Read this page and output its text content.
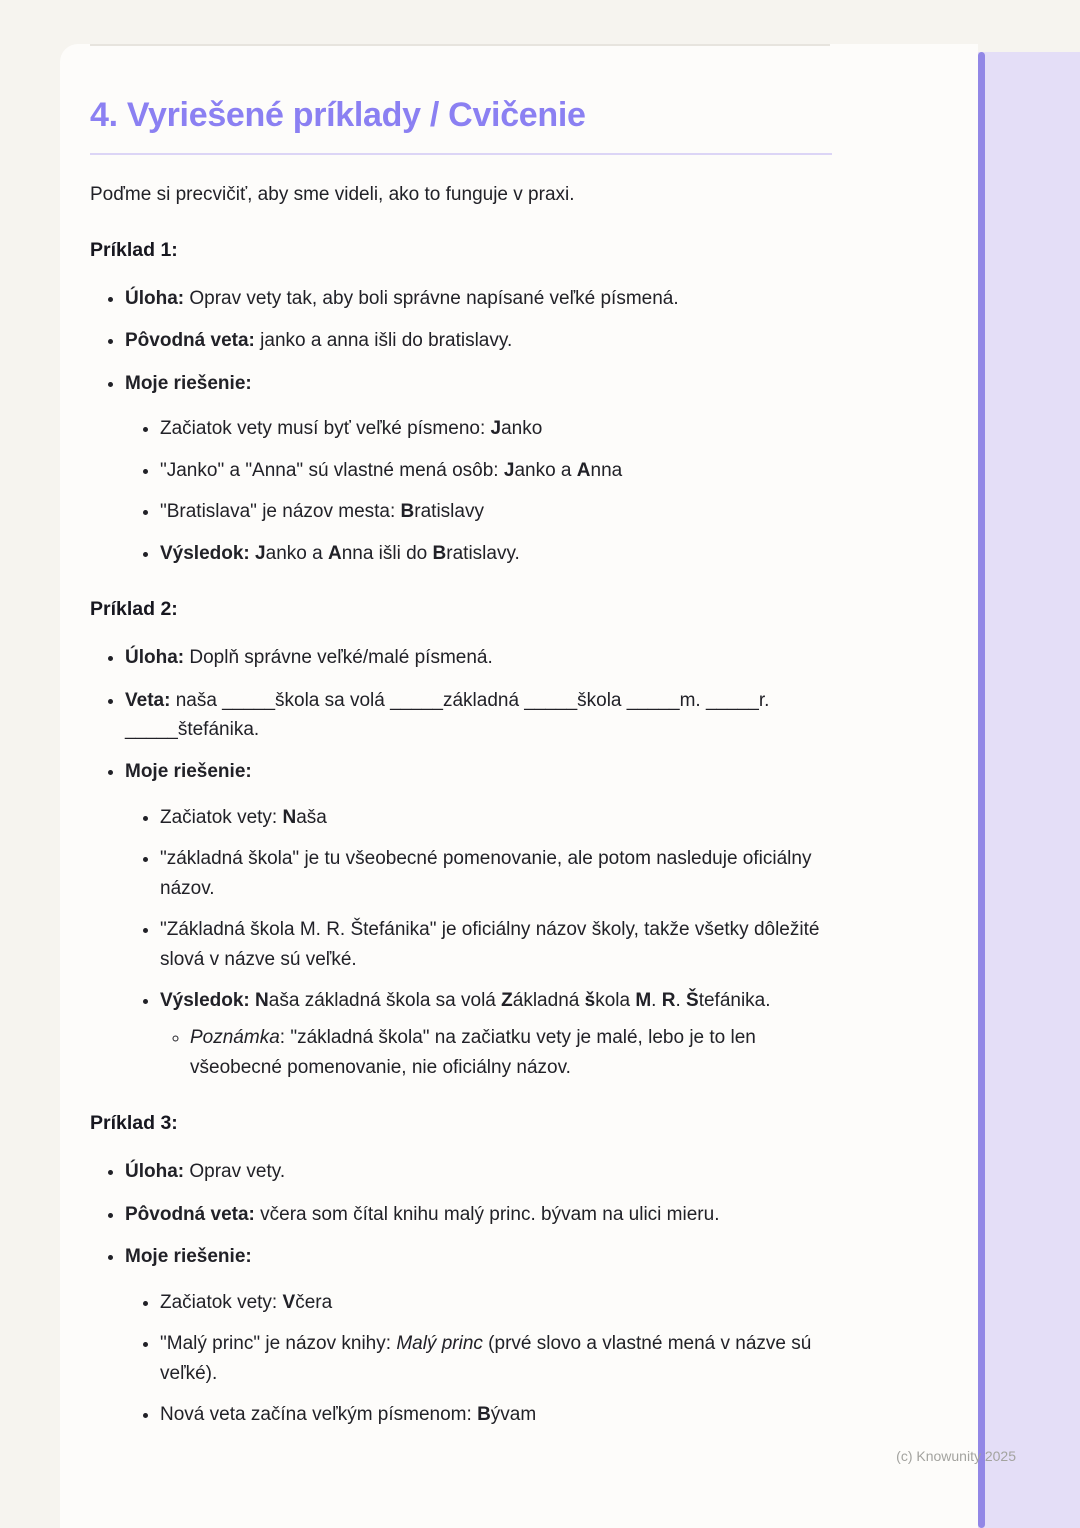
4. Vyriešené príklady / Cvičenie

Poďme si precvičiť, aby sme videli, ako to funguje v praxi.

Príklad 1:
• Úloha: Oprav vety tak, aby boli správne napísané veľké písmená.
• Pôvodná veta: janko a anna išli do bratislavy.
• Moje riešenie:
• Začiatok vety musí byť veľké písmeno: Janko
• "Janko" a "Anna" sú vlastné mená osôb: Janko a Anna
• "Bratislava" je názov mesta: Bratislavy
• Výsledok: Janko a Anna išli do Bratislavy.
Príklad 2:
• Úloha: Doplň správne veľké/malé písmená.
• Veta: naša _____škola sa volá _____základná _____škola _____m. _____r. _____štefánika.
• Moje riešenie:
• Začiatok vety: Naša
• "základná škola" je tu všeobecné pomenovanie, ale potom nasleduje oficiálny názov.
• "Základná škola M. R. Štefánika" je oficiálny názov školy, takže všetky dôležité slová v názve sú veľké.
• Výsledok: Naša základná škola sa volá Základná škola M. R. Štefánika.
◦ Poznámka: "základná škola" na začiatku vety je malé, lebo je to len všeobecné pomenovanie, nie oficiálny názov.
Príklad 3:
• Úloha: Oprav vety.
• Pôvodná veta: včera som čítal knihu malý princ. bývam na ulici mieru.
• Moje riešenie:
• Začiatok vety: Včera
• "Malý princ" je názov knihy: Malý princ (prvé slovo a vlastné mená v názve sú veľké).
• Nová veta začína veľkým písmenom: Bývam
(c) Knowunity 2025
